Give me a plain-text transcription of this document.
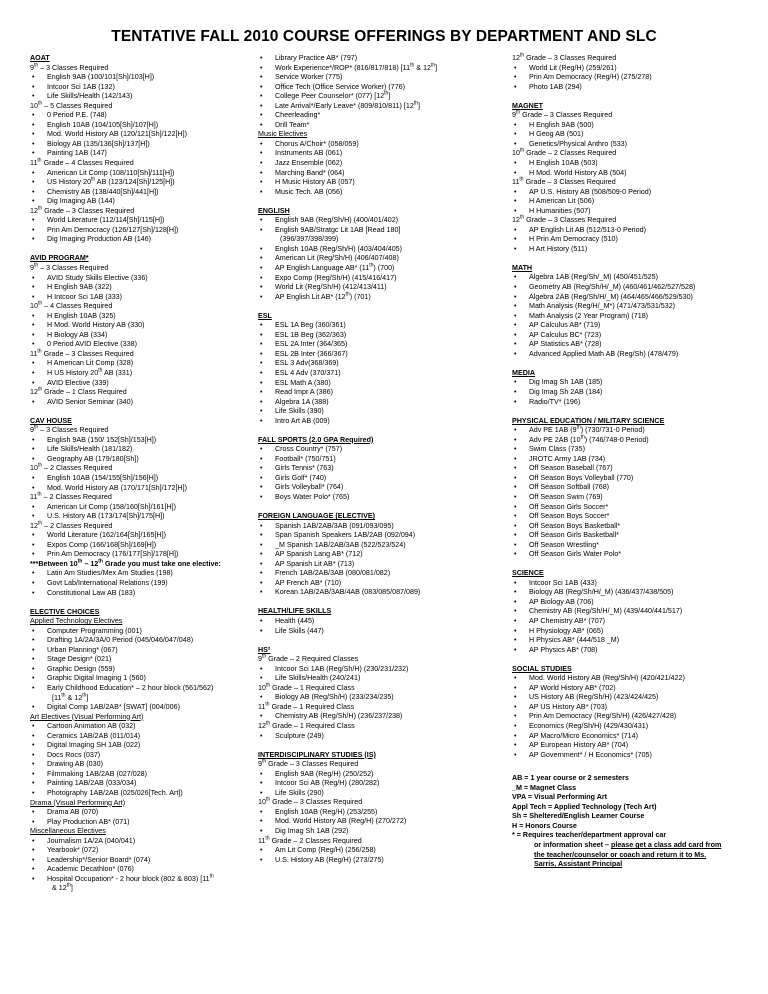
TENTATIVE FALL 2010 COURSE OFFERINGS BY DEPARTMENT AND SLC
AOAT
9th – 3 Classes Required
• English 9AB (100/101[Sh]/103[H])
• Intcoor Sci 1AB (132)
• Life Skills/Health (142/143)
10th – 5 Classes Required
• 0 Period P.E. (748)
• English 10AB (104/105[Sh]/107[H])
• Mod. World History AB (120/121[Sh]/122[H])
• Biology AB (135/136[Sh]/137[H])
• Painting 1AB (147)
11th Grade – 4 Classes Required
• American Lit Comp (108/110[Sh]/111[H])
• US History 20th AB (123/124[Sh]/125[H])
• Chemistry AB (138/440[Sh]/441[H])
• Dig Imaging AB (144)
12th Grade – 3 Classes Required
• World Literature (112/114[Sh]/115[H])
• Prin Am Democracy (126/127[Sh]/128[H])
• Dig Imaging Production AB (146)
AVID PROGRAM*
9th – 3 Classes Required
• AVID Study Skills Elective (336)
• H English 9AB (322)
• H Intcoor Sci 1AB (333)
10th – 4 Classes Required
• H English 10AB (325)
• H Mod. World History AB (330)
• H Biology AB (334)
• 0 Period AVID Elective (338)
11th Grade – 3 Classes Required
• H American Lit Comp (328)
• H US History 20th AB (331)
• AVID Elective (339)
12th Grade – 1 Class Required
• AVID Senior Seminar (340)
CAV HOUSE
9th – 3 Classes Required
• English 9AB (150/ 152[Sh]/153[H])
• Life Skills/Health (181/182)
• Geography AB (179/180[Sh])
10th – 2 Classes Required
• English 10AB (154/155[Sh]/156[H])
• Mod. World History AB (170/171[Sh]/172[H])
11th – 2 Classes Required
• American Lit Comp (158/160[Sh]/161[H])
• U.S. History AB (173/174[Sh]/175[H])
12th – 2 Classes Required
• World Literature (162/164[Sh]/165[H])
• Expos Comp (166/168[Sh]/169[H])
• Prin Am Democracy (176/177[Sh]/178[H])
***Between 10th – 12th Grade you must take one elective:
• Latin Am Studies/Mex Am Studies (198)
• Govt Lab/International Relations (199)
• Constitutional Law AB (183)
ELECTIVE CHOICES
Applied Technology Electives
• Computer Programming (001)
• Drafting 1A/2A/3A/0 Period (045/046/047/048)
• Urban Planning* (067)
• Stage Design* (021)
• Graphic Design (559)
• Graphic Digital Imaging 1 (560)
• Early Childhood Education* – 2 hour block (561/562)
[11th & 12th]
• Digital Comp 1AB/2AB* [SWAT] (004/006)
Art Electives (Visual Performing Art)
• Cartoon Animation AB (032)
• Ceramics 1AB/2AB (011/014)
• Digital Imaging SH 1AB (022)
• Docs Rocs (037)
• Drawing AB (030)
• Filmmaking 1AB/2AB (027/028)
• Painting 1AB/2AB (033/034)
• Photography 1AB/2AB (025/026[Tech. Art])
Drama (Visual Performing Art)
• Drama AB (070)
• Play Production AB* (071)
Miscellaneous Electives
• Journalism 1A/2A (040/041)
• Yearbook* (072)
• Leadership*/Senior Board* (074)
• Academic Decathlon* (076)
• Hospital Occupation* - 2 hour block (802 & 803) [11th
& 12th]
• Library Practice AB* (797)
• Work Experience*/ROP* (816/817/818) [11th & 12th]
• Service Worker (775)
• Office Tech (Office Service Worker) (776)
• College Peer Counselor* (077) [12th]
• Late Arrival*/Early Leave* (809/810/811) [12th]
• Cheerleading*
• Drill Team*
Music Electives
• Chorus A/Choir* (058/059)
• Instruments AB (061)
• Jazz Ensemble (062)
• Marching Band* (064)
• H Music History AB (057)
• Music Tech. AB (056)
ENGLISH
• English 9AB (Reg/Sh/H) (400/401/402)
• English 9AB/Stratgc Lit 1AB [Read 180]
(396/397/398/399)
• English 10AB (Reg/Sh/H) (403/404/405)
• American Lit (Reg/Sh/H) (406/407/408)
• AP English Language AB* (11th) (700)
• Expo Comp (Reg/Sh/H) (415/416/417)
• World Lit (Reg/Sh/H) (412/413/411)
• AP English Lit AB* (12th) (701)
ESL
• ESL 1A Beg (360/361)
• ESL 1B Beg (362/363)
• ESL 2A Inter (364/365)
• ESL 2B Inter (366/367)
• ESL 3 Adv(368/369)
• ESL 4 Adv (370/371)
• ESL Math A (380)
• Read Impr A (386)
• Algebra 1A (388)
• Life Skills (390)
• Intro Art AB (009)
FALL SPORTS (2.0 GPA Required)
• Cross Country* (757)
• Football* (750/751)
• Girls Tennis* (763)
• Girls Golf* (740)
• Girls Volleyball* (764)
• Boys Water Polo* (765)
FOREIGN LANGUAGE (ELECTIVE)
• Spanish 1AB/2AB/3AB (091/093/095)
• Span Spanish Speakers 1AB/2AB (092/094)
• _M Spanish 1AB/2AB/3AB (522/523/524)
• AP Spanish Lang AB* (712)
• AP Spanish Lit AB* (713)
• French 1AB/2AB/3AB (080/081/082)
• AP French AB* (710)
• Korean 1AB/2AB/3AB/4AB (083/085/087/089)
HEALTH/LIFE SKILLS
• Health (445)
• Life Skills (447)
HS²
9th Grade – 2 Required Classes
• Intcoor Sci 1AB (Reg/Sh/H) (230/231/232)
• Life Skills/Health (240/241)
10th Grade – 1 Required Class
• Biology AB (Reg/Sh/H) (233/234/235)
11th Grade – 1 Required Class
• Chemistry AB (Reg/Sh/H) (236/237/238)
12th Grade – 1 Required Class
• Sculpture (249)
INTERDISCIPLINARY STUDIES (IS)
9th Grade – 3 Classes Required
• English 9AB (Reg/H) (250/252)
• Intcoor Sci AB (Reg/H) (280/282)
• Life Skills (290)
10th Grade – 3 Classes Required
• English 10AB (Reg/H) (253/255)
• Mod. World History AB (Reg/H) (270/272)
• Dig Imag Sh 1AB (292)
11th Grade – 2 Classes Required
• Am Lit Comp (Reg/H) (256/258)
• U.S. History AB (Reg/H) (273/275)
12th Grade – 3 Classes Required
• World Lit (Reg/H) (259/261)
• Prin Am Democracy (Reg/H) (275/278)
• Photo 1AB (294)
MAGNET
9th Grade – 3 Classes Required
• H English 9AB (500)
• H Geog AB (501)
• Genetics/Physical Anthro (533)
10th Grade – 2 Classes Required
• H English 10AB (503)
• H Mod. World History AB (504)
11th Grade – 3 Classes Required
• AP U.S. History AB (508/509-0 Period)
• H American Lit (506)
• H Humanities (507)
12th Grade – 3 Classes Required
• AP English Lit AB (512/513-0 Period)
• H Prin Am Democracy (510)
• H Art History (511)
MATH
• Algebra 1AB (Reg/Sh/_M) (450/451/525)
• Geometry AB (Reg/Sh/H/_M) (460/461/462/527/528)
• Algebra 2AB (Reg/Sh/H/_M) (464/465/466/529/530)
• Math Analysis (Reg/H/_M*) (471/473/531/532)
• Math Analysis (2 Year Program) (718)
• AP Calculus AB* (719)
• AP Calculus BC* (723)
• AP Statistics AB* (728)
• Advanced Applied Math AB (Reg/Sh) (478/479)
MEDIA
• Dig Imag Sh 1AB (185)
• Dig Imag Sh 2AB (184)
• Radio/TV* (196)
PHYSICAL EDUCATION / MILITARY SCIENCE
• Adv PE 1AB (9th) (730/731-0 Period)
• Adv PE 2AB (10th) (746/748-0 Period)
• Swim Class (735)
• JROTC Army 1AB (734)
• Off Season Baseball (767)
• Off Season Boys Volleyball (770)
• Off Season Softball (768)
• Off Season Swim (769)
• Off Season Girls Soccer*
• Off Season Boys Soccer*
• Off Season Boys Basketball*
• Off Season Girls Basketball*
• Off Season Wrestling*
• Off Season Girls Water Polo*
SCIENCE
• Intcoor Sci 1AB (433)
• Biology AB (Reg/Sh/H/_M) (436/437/438/505)
• AP Biology AB (706)
• Chemistry AB (Reg/Sh/H/_M) (439/440/441/517)
• AP Chemistry AB* (707)
• H Physiology AB* (065)
• H Physics AB* (444/518 _M)
• AP Physics AB* (708)
SOCIAL STUDIES
• Mod. World History AB (Reg/Sh/H) (420/421/422)
• AP World History AB* (702)
• US History AB (Reg/Sh/H) (423/424/425)
• AP US History AB* (703)
• Prin Am Democracy (Reg/Sh/H) (426/427/428)
• Economics (Reg/Sh/H) (429/430/431)
• AP Macro/Micro Economics* (714)
• AP European History AB* (704)
• AP Government* / H Economics* (705)
AB = 1 year course or 2 semesters
_M = Magnet Class
VPA = Visual Performing Art
Appl Tech = Applied Technology (Tech Art)
Sh = Sheltered/English Learner Course
H = Honors Course
* = Requires teacher/department approval car
or information sheet – please get a class add card from
the teacher/counselor or coach and return it to Ms.
Sarris, Assistant Principal
